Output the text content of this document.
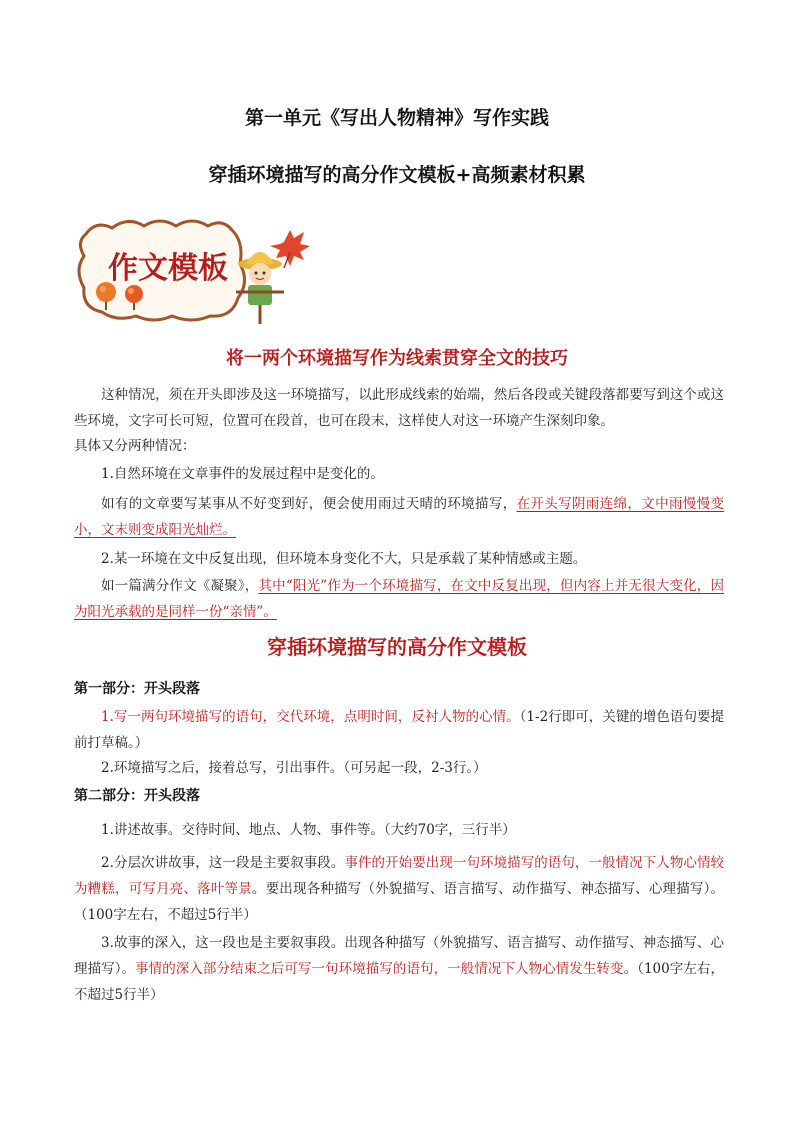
第一单元《写出人物精神》写作实践
穿插环境描写的高分作文模板+高频素材积累
作文模板
将一两个环境描写作为线索贯穿全文的技巧
这种情况，须在开头即涉及这一环境描写，以此形成线索的始端，然后各段或关键段落都要写到这个或这些环境，文字可长可短，位置可在段首，也可在段末，这样使人对这一环境产生深刻印象。
具体又分两种情况：
1.自然环境在文章事件的发展过程中是变化的。
如有的文章要写某事从不好变到好，便会使用雨过天晴的环境描写，在开头写阴雨连绵，文中雨慢慢变小，文末则变成阳光灿烂。
2.某一环境在文中反复出现，但环境本身变化不大，只是承载了某种情感或主题。
如一篇满分作文《凝聚》，其中“阳光”作为一个环境描写，在文中反复出现，但内容上并无很大变化，因为阳光承载的是同样一份“亲情”。
穿插环境描写的高分作文模板
第一部分：开头段落
1.写一两句环境描写的语句，交代环境，点明时间，反衬人物的心情。（1-2行即可，关键的增色语句要提前打草稿。）
2.环境描写之后，接着总写，引出事件。（可另起一段，2-3行。）
第二部分：开头段落
1.讲述故事。交待时间、地点、人物、事件等。（大约70字，三行半）
2.分层次讲故事，这一段是主要叙事段。事件的开始要出现一句环境描写的语句，一般情况下人物心情较为糟糕，可写月亮、落叶等景。要出现各种描写（外貌描写、语言描写、动作描写、神态描写、心理描写）。（100字左右，不超过5行半）
3.故事的深入，这一段也是主要叙事段。出现各种描写（外貌描写、语言描写、动作描写、神态描写、心理描写）。事情的深入部分结束之后可写一句环境描写的语句，一般情况下人物心情发生转变。（100字左右，不超过5行半）
